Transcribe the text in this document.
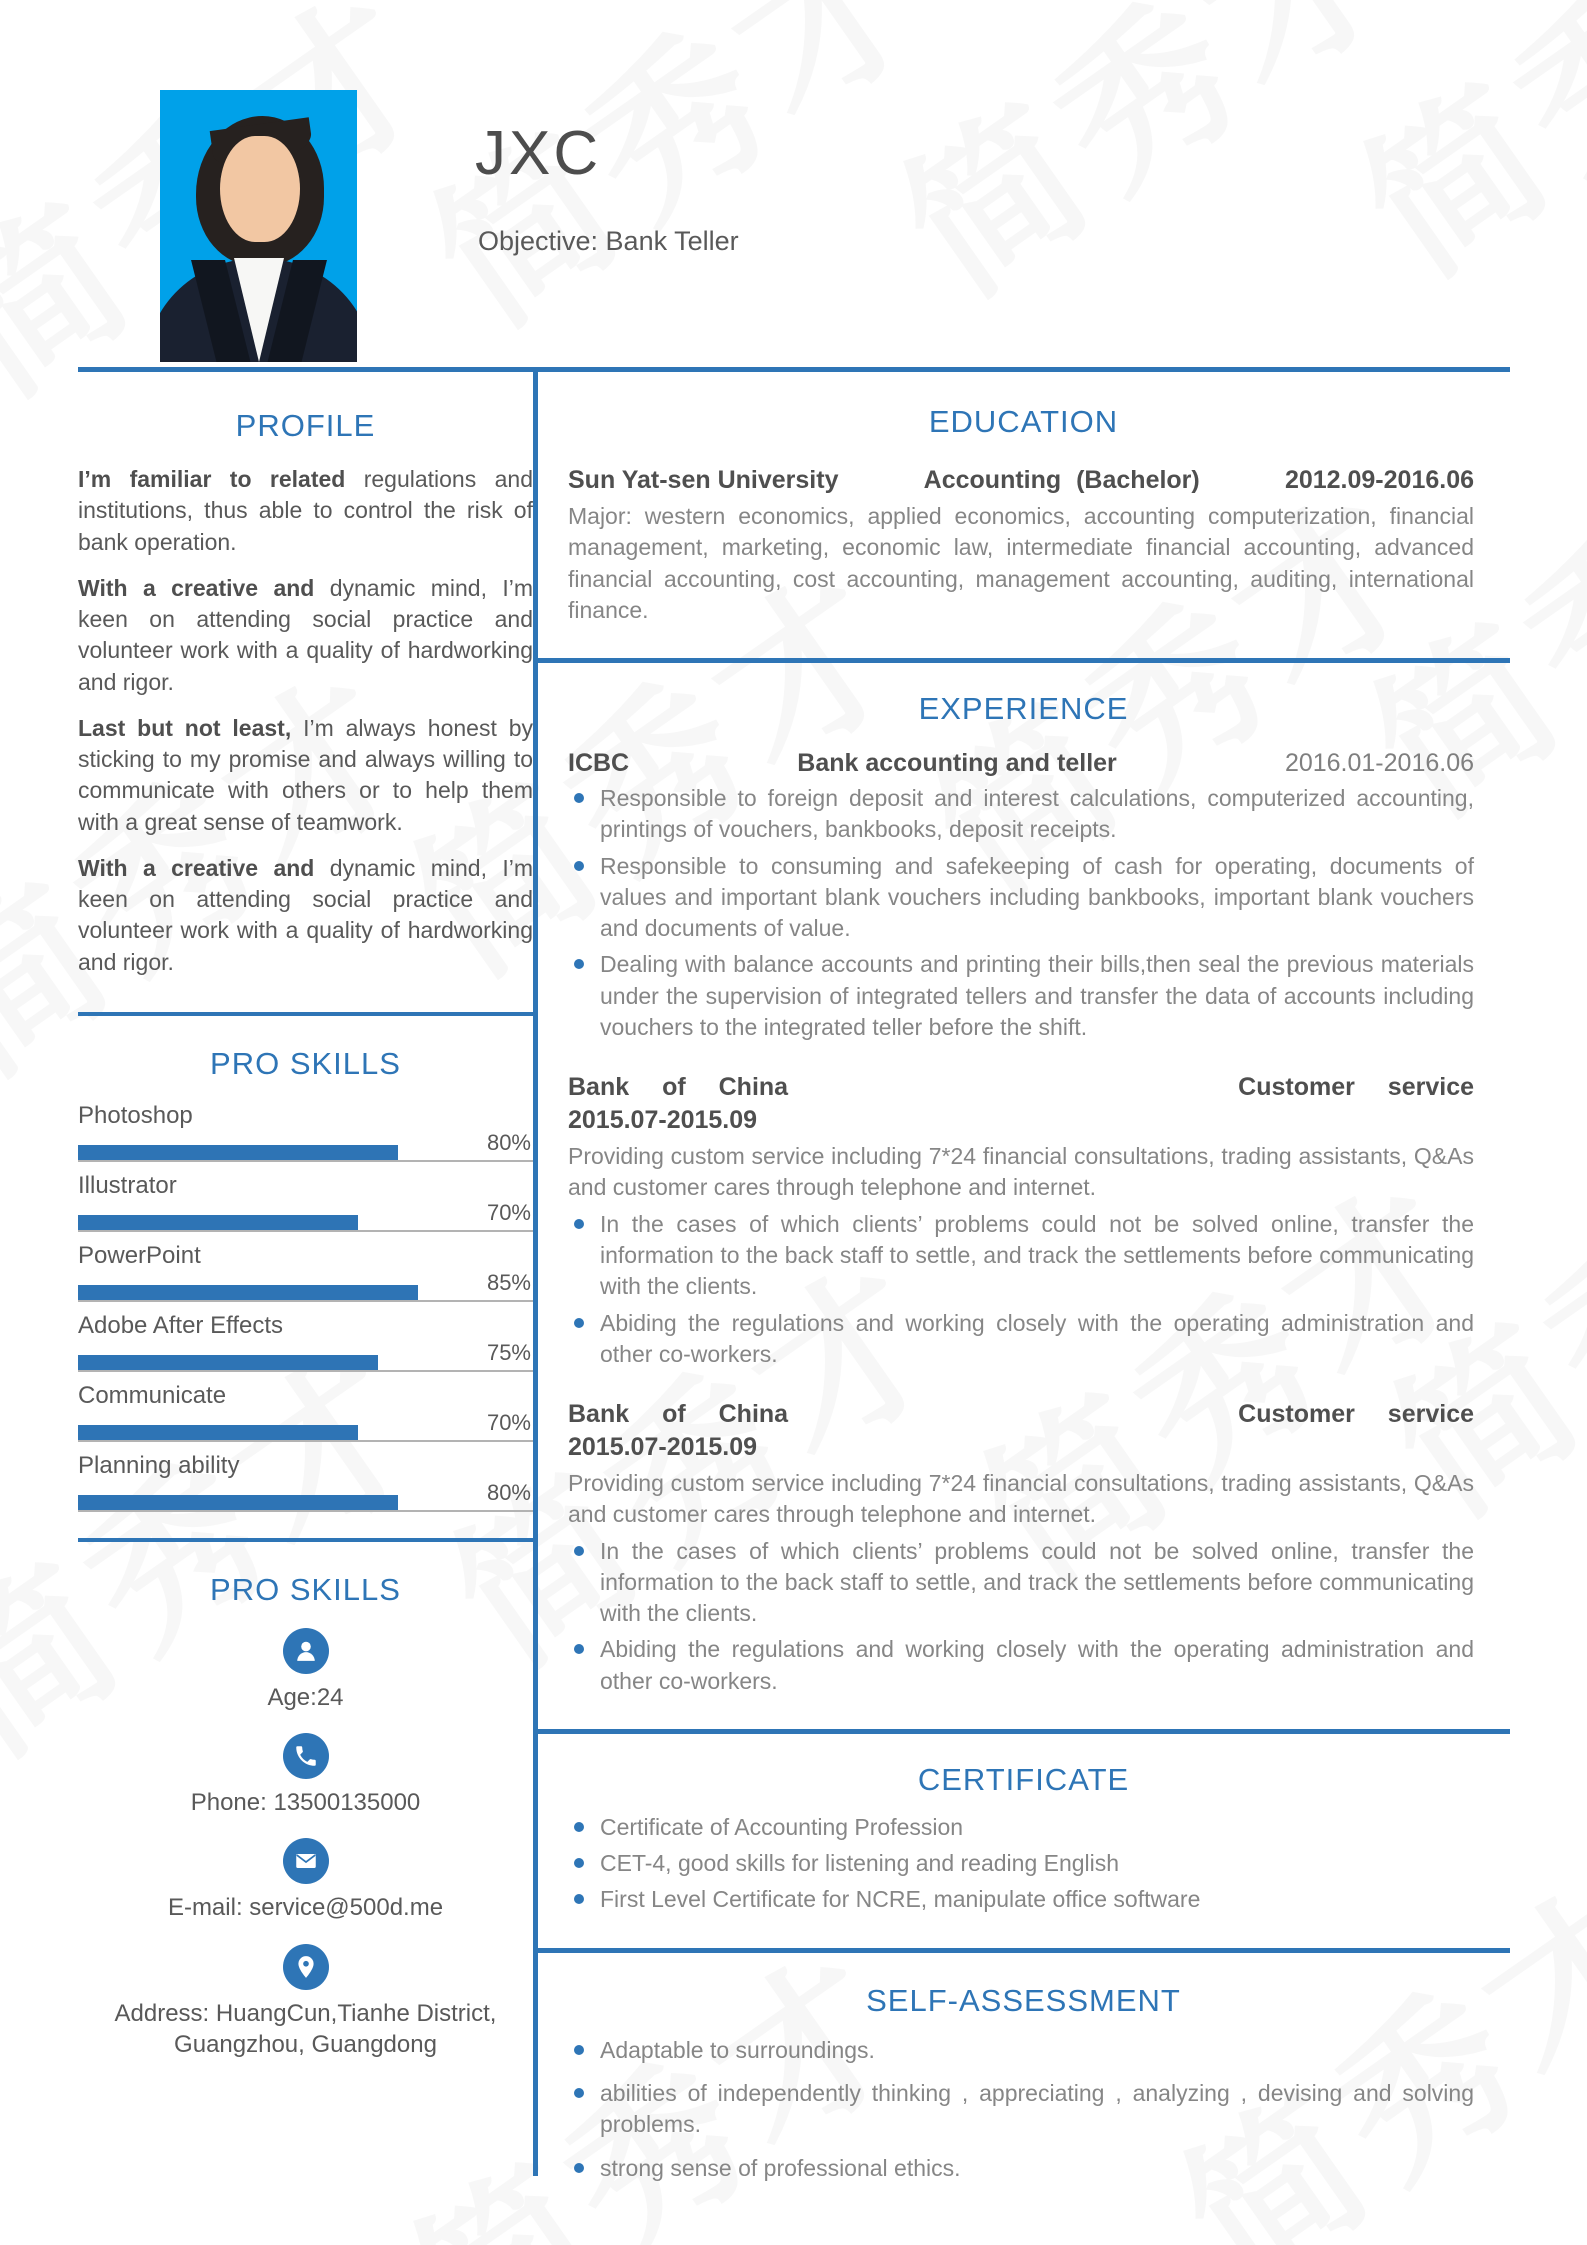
JXC
Objective: Bank Teller
PROFILE

I’m familiar to related regulations and institutions, thus able to control the risk of bank operation.

With a creative and dynamic mind, I’m keen on attending social practice and volunteer work with a quality of hardworking and rigor.

Last but not least, I’m always honest by sticking to my promise and always willing to communicate with others or to help them with a great sense of teamwork.

With a creative and dynamic mind, I’m keen on attending social practice and volunteer work with a quality of hardworking and rigor.

PRO SKILLS
Photoshop
80%
Illustrator
70%
PowerPoint
85%
Adobe After Effects
75%
Communicate
70%
Planning ability
80%
PRO SKILLS
Age:24
Phone: 13500135000
E-mail: service@500d.me
Address: HuangCun,Tianhe District, Guangzhou, Guangdong
EDUCATION
Sun Yat-sen University	Accounting (Bachelor)	2012.09-2016.06

Major: western economics, applied economics, accounting computerization, financial management, marketing, economic law, intermediate financial accounting, advanced financial accounting, cost accounting, management accounting, auditing, international finance.

EXPERIENCE
ICBC	Bank accounting and teller	2016.01-2016.06
Responsible to foreign deposit and interest calculations, computerized accounting, printings of vouchers, bankbooks, deposit receipts.
Responsible to consuming and safekeeping of cash for operating, documents of values and important blank vouchers including bankbooks, important blank vouchers and documents of value.
Dealing with balance accounts and printing their bills,then seal the previous materials under the supervision of integrated tellers and transfer the data of accounts including vouchers to the integrated teller before the shift.
Bank of China	Customer service
2015.07-2015.09

Providing custom service including 7*24 financial consultations, trading assistants, Q&As and customer cares through telephone and internet.

In the cases of which clients’ problems could not be solved online, transfer the information to the back staff to settle, and track the settlements before communicating with the clients.
Abiding the regulations and working closely with the operating administration and other co-workers.
Bank of China	Customer service
2015.07-2015.09

Providing custom service including 7*24 financial consultations, trading assistants, Q&As and customer cares through telephone and internet.

In the cases of which clients’ problems could not be solved online, transfer the information to the back staff to settle, and track the settlements before communicating with the clients.
Abiding the regulations and working closely with the operating administration and other co-workers.
CERTIFICATE
Certificate of Accounting Profession
CET-4, good skills for listening and reading English
First Level Certificate for NCRE, manipulate office software
SELF-ASSESSMENT
Adaptable to surroundings.
abilities of independently thinking , appreciating , analyzing , devising and solving problems.
strong sense of professional ethics.
